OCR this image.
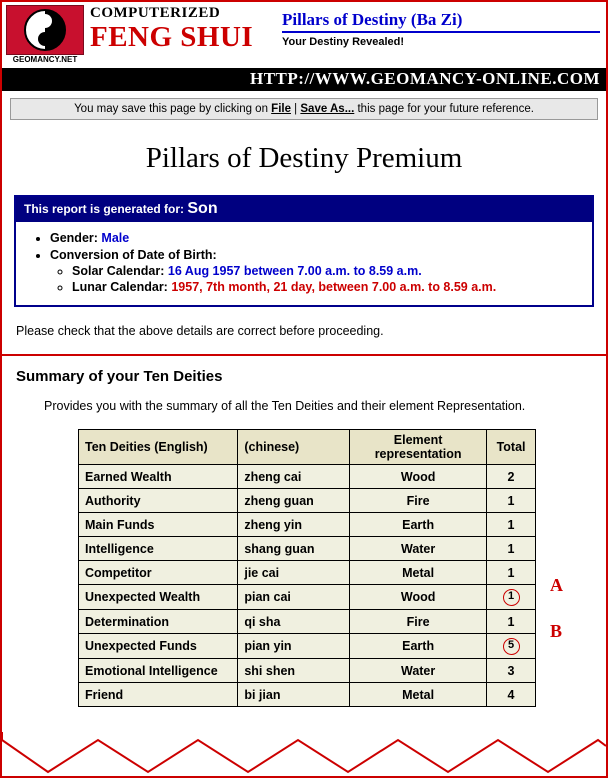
GEOMANCY.NET
COMPUTERIZED
FENG SHUI
Pillars of Destiny (Ba Zi)
Your Destiny Revealed!
HTTP://WWW.GEOMANCY-ONLINE.COM
You may save this page by clicking on File | Save As... this page for your future reference.
Pillars of Destiny Premium
This report is generated for: Son
• Gender: Male
• Conversion of Date of Birth:
◦ Solar Calendar: 16 Aug 1957 between 7.00 a.m. to 8.59 a.m.
◦ Lunar Calendar: 1957, 7th month, 21 day, between 7.00 a.m. to 8.59 a.m.
Please check that the above details are correct before proceeding.
Summary of your Ten Deities
Provides you with the summary of all the Ten Deities and their element Representation.
Ten Deities (English)	(chinese)	Element representation	Total
Earned Wealth	zheng cai	Wood	2
Authority	zheng guan	Fire	1
Main Funds	zheng yin	Earth	1
Intelligence	shang guan	Water	1
Competitor	jie cai	Metal	1
Unexpected Wealth	pian cai	Wood	1
Determination	qi sha	Fire	1
Unexpected Funds	pian yin	Earth	5
Emotional Intelligence	shi shen	Water	3
Friend	bi jian	Metal	4
A
B
